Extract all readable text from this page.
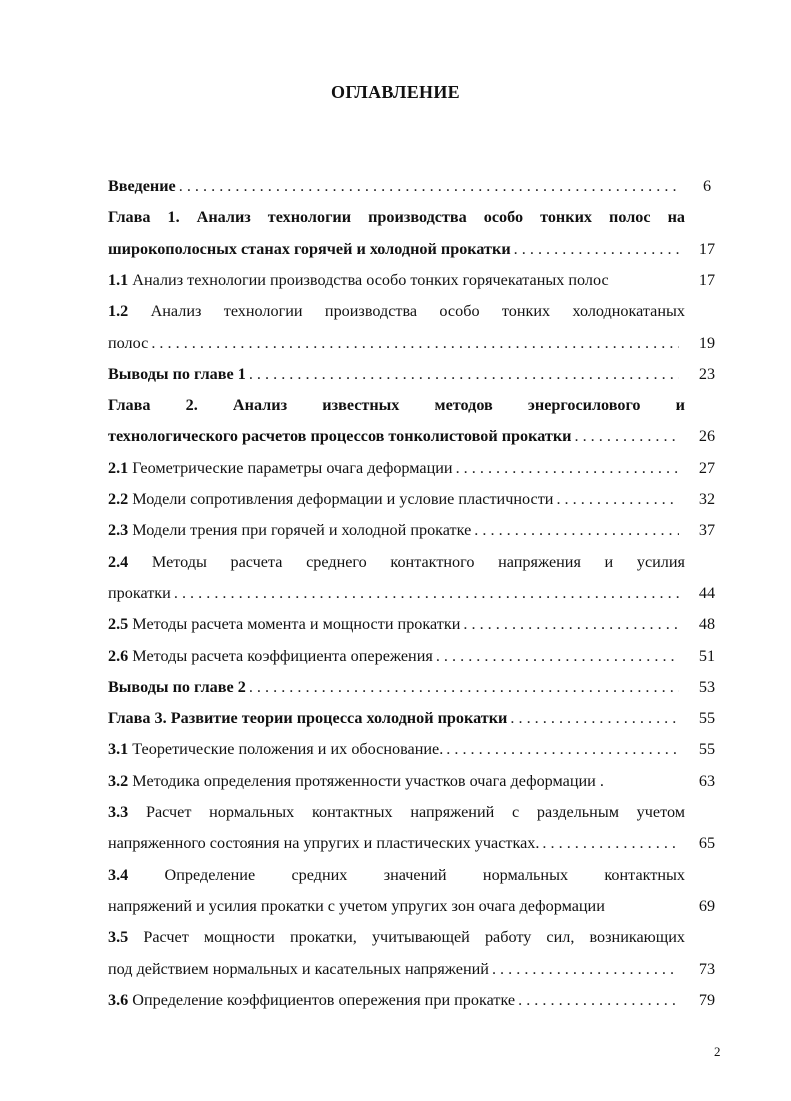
ОГЛАВЛЕНИЕ
Введение . . .	6
Глава 1. Анализ технологии производства особо тонких полос на
широкополосных станах горячей и холодной прокатки . . .	17
1.1 Анализ технологии производства особо тонких горячекатаных полос	17
1.2 Анализ технологии производства особо тонких холоднокатаных
полос . . .	19
Выводы по главе 1 . . .	23
Глава 2. Анализ известных методов энергосилового и
технологического расчетов процессов тонколистовой прокатки . . .	26
2.1 Геометрические параметры очага деформации . . .	27
2.2 Модели сопротивления деформации и условие пластичности . . .	32
2.3 Модели трения при горячей и холодной прокатке . . .	37
2.4 Методы расчета среднего контактного напряжения и усилия
прокатки . . .	44
2.5 Методы расчета момента и мощности прокатки . . .	48
2.6 Методы расчета коэффициента опережения . . .	51
Выводы по главе 2 . . .	53
Глава 3. Развитие теории процесса холодной прокатки . . .	55
3.1 Теоретические положения и их обоснование. . . .	55
3.2 Методика определения протяженности участков очага деформации .	63
3.3 Расчет нормальных контактных напряжений с раздельным учетом
напряженного состояния на упругих и пластических участках. . . .	65
3.4 Определение средних значений нормальных контактных
напряжений и усилия прокатки с учетом упругих зон очага деформации	69
3.5 Расчет мощности прокатки, учитывающей работу сил, возникающих
под действием нормальных и касательных напряжений . . .	73
3.6 Определение коэффициентов опережения при прокатке . . .	79
2
